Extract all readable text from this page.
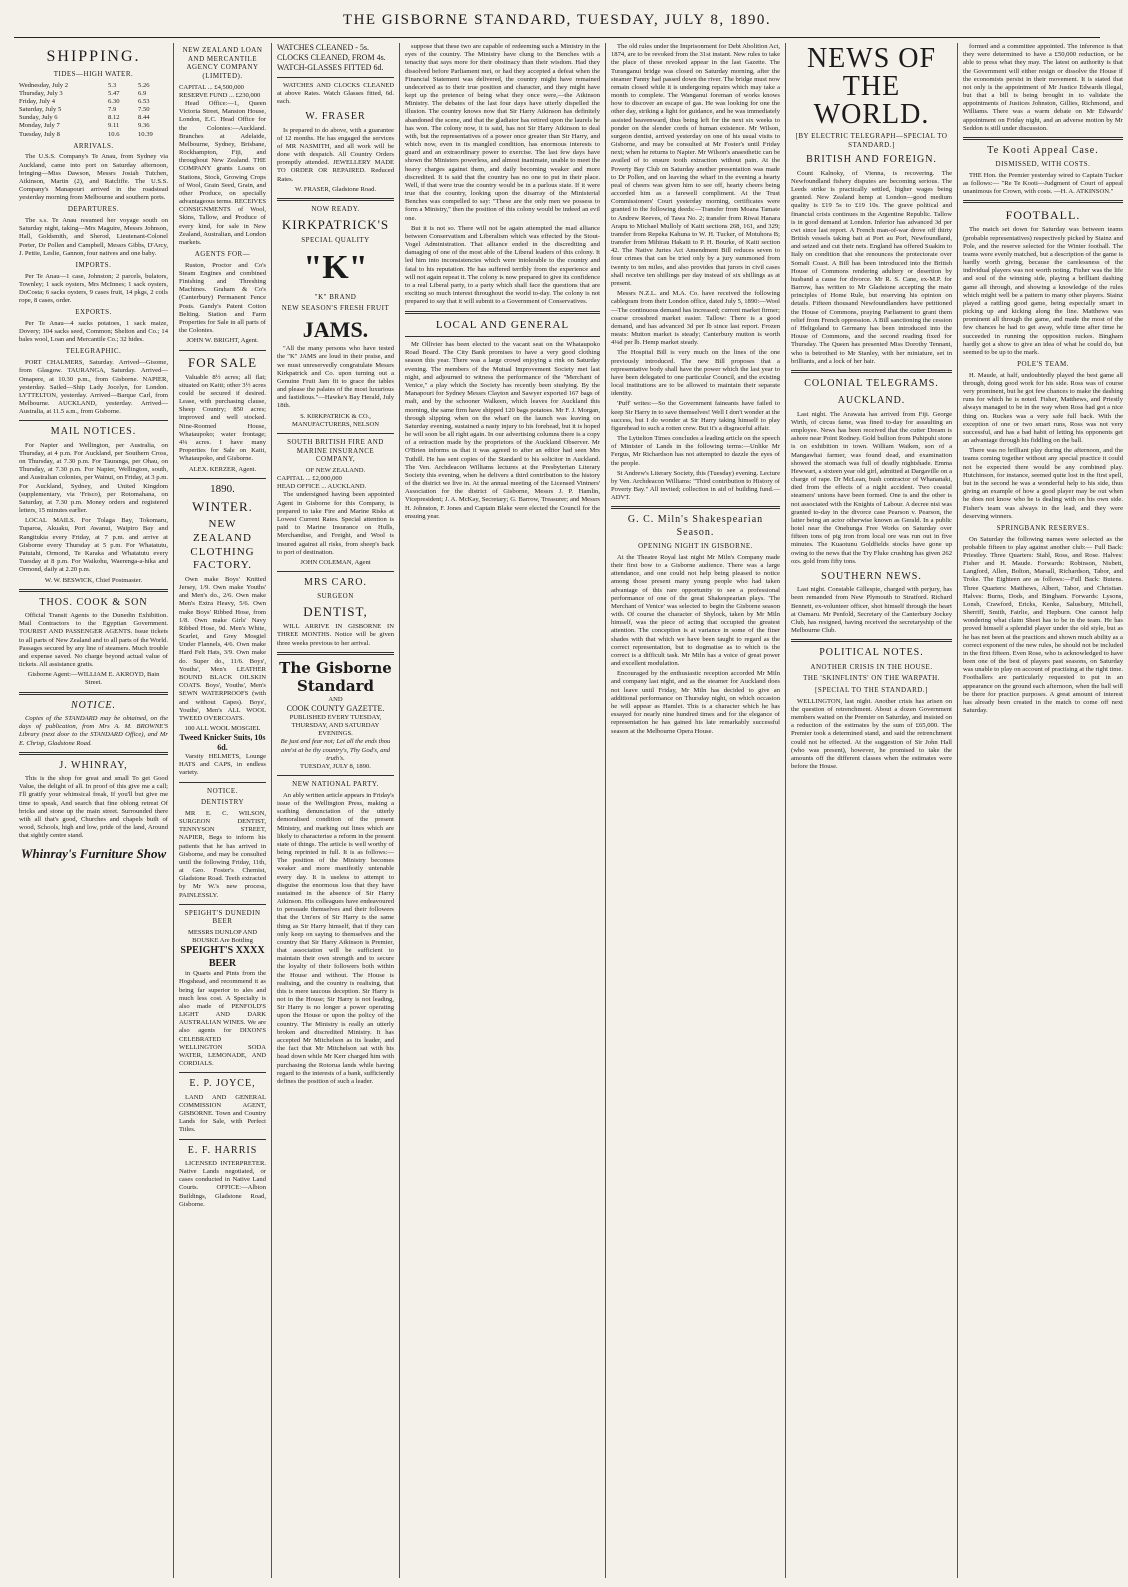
THE GISBORNE STANDARD, TUESDAY, JULY 8, 1890.
SHIPPING.
TIDES—HIGH WATER.
Wednesday, July 2	5.3	5.26
Thursday, July 3	5.47	6.9
Friday, July 4	6.30	6.53
Saturday, July 5	7.9	7.50
Sunday, July 6	8.12	8.44
Monday, July 7	9.11	9.36
Tuesday, July 8	10.6	10.39
ARRIVALS.

The U.S.S. Company's Te Anau, from Sydney via Auckland, came into port on Saturday afternoon, bringing—Miss Dawson, Messrs Josiah Tutchen, Atkinson, Martin (2), and Ratcliffe. The U.S.S. Company's Manapouri arrived in the roadstead yesterday morning from Melbourne and southern ports.

DEPARTURES.

The s.s. Te Anau resumed her voyage south on Saturday night, taking—Mrs Maguire, Messrs Johnson, Hall, Goldsmith, and Sherod, Lieutenant-Colonel Porter, Dr Pollen and Campbell, Messrs Gibbs, D'Arcy, J. Pettie, Leslie, Gannon, four natives and one baby.

IMPORTS.

Per Te Anau—1 case, Johnston; 2 parcels, bulators, Townley; 1 sack oysters, Mrs McInnes; 1 sack oysters, DoCosta; 6 sacks oysters, 9 cases fruit, 14 pkgs, 2 coils rope, 8 cases, order.

EXPORTS.

Per Te Anau—4 sacks potatoes, 1 sack maize, Dovery; 104 sacks seed, Common; Shelton and Co.; 14 bales wool, Loan and Mercantile Co.; 32 hides.

TELEGRAPHIC.

PORT CHALMERS, Saturday. Arrived—Gisome, from Glasgow. TAURANGA, Saturday. Arrived—Omapere, at 10.30 p.m., from Gisborne. NAPIER, yesterday. Sailed—Ship Lady Jocelyn, for London. LYTTELTON, yesterday. Arrived—Barque Carl, from Melbourne. AUCKLAND, yesterday. Arrived—Australia, at 11.5 a.m., from Gisborne.

MAIL NOTICES.

For Napier and Wellington, per Australia, on Thursday, at 4 p.m. For Auckland, per Southern Cross, on Thursday, at 7.30 p.m. For Tauranga, per Ohau, on Thursday, at 7.30 p.m. For Napier, Wellington, south, and Australian colonies, per Wainui, on Friday, at 3 p.m. For Auckland, Sydney, and United Kingdom (supplementary, via 'Frisco), per Rotomahana, on Saturday, at 7.30 p.m. Money orders and registered letters, 15 minutes earlier.

LOCAL MAILS. For Tolaga Bay, Tokomaru, Tuparoa, Akuaku, Port Awanui, Waipiro Bay and Rangitukia every Friday, at 7 p.m. and arrive at Gisborne every Thursday at 5 p.m. For Whatatutu, Patutahi, Ormond, Te Karaka and Whatatutu every Tuesday at 8 p.m. For Waikohu, Waerenga-a-hika and Ormond, daily at 2.20 p.m.

W. W. BESWICK, Chief Postmaster.
THOS. COOK & SON

Official Transit Agents to the Dunedin Exhibition. Mail Contractors to the Egyptian Government. TOURIST AND PASSENGER AGENTS. Issue tickets to all parts of New Zealand and to all parts of the World. Passages secured by any line of steamers. Much trouble and expense saved. No charge beyond actual value of tickets. All assistance gratis.

Gisborne Agent:—WILLIAM E. AKROYD, Bain Street.
NOTICE.

Copies of the STANDARD may be obtained, on the days of publication, from Mrs A. M. BROWNE'S Library (next door to the STANDARD Office), and Mr E. Chrisp, Gladstone Road.

J. WHINRAY,

This is the shop for great and small To get Good Value, the delight of all. In proof of this give me a call; I'll gratify your whimsical freak, If you'll but give me time to speak, And search that fine oblong retreat Of bricks and stone up the main street. Surrounded there with all that's good, Churches and chapels built of wood, Schools, high and low, pride of the land, Around that sightly centre stand.

Whinray's Furniture Show
NEW ZEALAND LOAN AND MERCANTILE AGENCY COMPANY (LIMITED).
CAPITAL ... £4,500,000
RESERVE FUND ... £230,000

Head Office:—1, Queen Victoria Street, Mansion House, London, E.C. Head Office for the Colonies:—Auckland. Branches at Adelaide, Melbourne, Sydney, Brisbane, Rockhampton, Fiji, and throughout New Zealand. THE COMPANY grants Loans on Stations, Stock, Growing Crops of Wool, Grain Seed, Grain, and other Produce, on specially advantageous terms. RECEIVES CONSIGNMENTS of Wool, Skins, Tallow, and Produce of every kind, for sale in New Zealand, Australian, and London markets.

AGENTS FOR—

Ruston, Proctor and Co's Steam Engines and combined Finishing and Threshing Machines. Graham & Co's (Canterbury) Permanent Fence Posts. Gandy's Patent Cotton Belting. Station and Farm Properties for Sale in all parts of the Colonies.

JOHN W. BRIGHT, Agent.
FOR SALE

Valuable 8½ acres; all flat; situated on Kaiti; other 3½ acres could be secured if desired. Lease, with purchasing clause, Sheep Country; 850 acres; improved and well stocked. Nine-Roomed House, Whataupoko; water frontage; 4¼ acres. I have many Properties for Sale on Kaiti, Whataupoko, and Gisborne.

ALEX. KERZER, Agent.
1890.
WINTER.
NEW ZEALAND CLOTHING FACTORY.

Own make Boys' Knitted Jersey, 1/9. Own make Youths' and Men's do., 2/6. Own make Men's Extra Heavy, 5/6. Own make Boys' Ribbed Hose, from 1/8. Own make Girls' Navy Ribbed Hose, 9d. Men's White, Scarlet, and Grey Mosgiel Under Flannels, 4/6. Own make Hard Felt Hats, 3/9. Own make do. Super do., 11/6. Boys', Youths', Men's LEATHER BOUND BLACK OILSKIN COATS. Boys', Youths', Men's SEWN WATERPROOFS (with and without Capes). Boys', Youths', Men's ALL WOOL TWEED OVERCOATS.

100 ALL WOOL MOSGIEL
Tweed Knicker Suits, 10s 6d.

Varsity HELMETS, Lounge HATS and CAPS, in endless variety.

NOTICE.
DENTISTRY

MR E. C. WILSON, SURGEON DENTIST, TENNYSON STREET, NAPIER, Begs to inform his patients that he has arrived in Gisborne, and may be consulted until the following Friday, 11th, at Geo. Foster's Chemist, Gladstone Road. Teeth extracted by Mr W.'s new process, PAINLESSLY.

SPEIGHT'S DUNEDIN BEER
MESSRS DUNLOP AND BOUSKE Are Bottling
SPEIGHT'S XXXX BEER

in Quarts and Pints from the Hogshead, and recommend it as being far superior to ales and much less cost. A Specialty is also made of PENFOLD'S LIGHT AND DARK AUSTRALIAN WINES. We are also agents for DIXON'S CELEBRATED WELLINGTON SODA WATER, LEMONADE, AND CORDIALS.

E. P. JOYCE,

LAND AND GENERAL COMMISSION AGENT, GISBORNE. Town and Country Lands for Sale, with Perfect Titles.

E. F. HARRIS

LICENSED INTERPRETER. Native Lands negotiated, or cases conducted in Native Land Courts. OFFICE:—Albion Buildings, Gladstone Road, Gisborne.

WATCHES CLEANED - 5s.
CLOCKS CLEANED, FROM 4s.
WATCH-GLASSES FITTED 6d.

WATCHES AND CLOCKS CLEANED at above Rates. Watch Glasses fitted, 6d. each.

W. FRASER

Is prepared to do above, with a guarantee of 12 months. He has engaged the services of MR NASMITH, and all work will be done with despatch. All Country Orders promptly attended. JEWELLERY MADE TO ORDER OR REPAIRED. Reduced Rates.

W. FRASER, Gladstone Road.
NOW READY.
KIRKPATRICK'S
SPECIAL QUALITY
"K"
"K" BRAND
NEW SEASON'S FRESH FRUIT
JAMS.

"All the many persons who have tested the "K" JAMS are loud in their praise, and we must unreservedly congratulate Messrs Kirkpatrick and Co. upon turning out a Genuine Fruit Jam fit to grace the tables and please the palates of the most luxurious and fastidious."—Hawke's Bay Herald, July 18th.

S. KIRKPATRICK & CO.,
MANUFACTURERS, NELSON
SOUTH BRITISH FIRE AND MARINE INSURANCE COMPANY,
OF NEW ZEALAND.
CAPITAL ... £2,000,000
HEAD OFFICE ... AUCKLAND.

The undersigned having been appointed Agent in Gisborne for this Company, is prepared to take Fire and Marine Risks at Lowest Current Rates. Special attention is paid to Marine Insurance on Hulls, Merchandise, and Freight, and Wool is insured against all risks, from sheep's back to port of destination.

JOHN COLEMAN, Agent
MRS CARO.
SURGEON
DENTIST,

WILL ARRIVE IN GISBORNE IN THREE MONTHS. Notice will be given three weeks previous to her arrival.

The Gisborne Standard
AND
COOK COUNTY GAZETTE.
PUBLISHED EVERY TUESDAY, THURSDAY, AND SATURDAY EVENINGS.
Be just and fear not; Let all the ends thou aim'st at be thy country's, Thy God's, and truth's.
TUESDAY, JULY 8, 1890.
NEW NATIONAL PARTY.

An ably written article appears in Friday's issue of the Wellington Press, making a scathing denunciation of the utterly demoralised condition of the present Ministry, and marking out lines which are likely to characterise a reform in the present state of things. The article is well worthy of being reprinted in full. It is as follows:—The position of the Ministry becomes weaker and more manifestly untenable every day. It is useless to attempt to disguise the enormous loss that they have sustained in the absence of Sir Harry Atkinson. His colleagues have endeavoured to persuade themselves and their followers that the Um'ers of Sir Harry is the same thing as Sir Harry himself, that if they can only keep on saying to themselves and the country that Sir Harry Atkinson is Premier, that association will be sufficient to maintain their own strength and to secure the loyalty of their followers both within the House and without. The House is realising, and the country is realising, that this is mere taucous deception. Sir Harry is not in the House; Sir Harry is not leading, Sir Harry is no longer a power operating upon the House or upon the policy of the country. The Ministry is really an utterly broken and discredited Ministry. It has accepted Mr Mitchelson as its leader, and the fact that Mr Mitchelson sat with his head down while Mr Kerr charged him with purchasing the Rotorua lands while having regard to the interests of a bank, sufficiently defines the position of such a leader.

suppose that these two are capable of redeeming such a Ministry in the eyes of the country. The Ministry have clung to the Benches with a tenacity that says more for their obstinacy than their wisdom. Had they dissolved before Parliament met, or had they accepted a defeat when the Financial Statement was delivered, the country might have remained undeceived as to their true position and character, and they might have kept up the pretence of being what they once were,—the Atkinson Ministry. The debates of the last four days have utterly dispelled the illusion. The country knows now that Sir Harry Atkinson has definitely abandoned the scene, and that the gladiator has retired upon the laurels he has won. The colony now, it is said, has not Sir Harry Atkinson to deal with, but the representatives of a power once greater than Sir Harry, and which now, even in its mangled condition, has enormous interests to guard and an extraordinary power to exercise. The last few days have shown the Ministers powerless, and almost inanimate, unable to meet the heavy charges against them, and daily becoming weaker and more discredited. It is said that the country has no one to put in their place. Well, if that were true the country would be in a parlous state. If it were true that the country, looking upon the disarray of the Ministerial Benches was compelled to say: "These are the only men we possess to form a Ministry," then the position of this colony would be indeed an evil one.

But it is not so. There will not be again attempted the mad alliance between Conservatism and Liberalism which was effected by the Stout-Vogel Administration. That alliance ended in the discrediting and damaging of one of the most able of the Liberal leaders of this colony. It led him into inconsistencies which were intolerable to the country and fatal to his reputation. He has suffered terribly from the experience and will not again repeat it. The colony is now prepared to give its confidence to a real Liberal party, to a party which shall face the questions that are exciting so much interest throughout the world to-day. The colony is not prepared to say that it will submit to a Government of Conservatives.

LOCAL AND GENERAL

Mr Ollivier has been elected to the vacant seat on the Whataupoko Road Board. The City Bank promises to have a very good clothing season this year. There was a large crowd enjoying a rink on Saturday evening. The members of the Mutual Improvement Society met last night, and adjourned to witness the performance of the "Merchant of Venice," a play which the Society has recently been studying. By the Manapouri for Sydney Messrs Clayton and Sawyer exported 167 bags of malt, and by the schooner Walkeen, which leaves for Auckland this morning, the same firm have shipped 120 bags potatoes. Mr F. J. Morgan, through slipping when on the wharf on the launch was leaving on Saturday evening, sustained a nasty injury to his forehead, but it is hoped he will soon be all right again. In our advertising columns there is a copy of a retraction made by the proprietors of the Auckland Observer. Mr O'Brien informs us that it was agreed to after an editor had seen Mrs Tuthill. He has sent copies of the Standard to his solicitor in Auckland. The Ven. Archdeacon Williams lectures at the Presbyterian Literary Society this evening, when he delivers a third contribution to the history of the district we live in. At the annual meeting of the Licensed Vintners' Association for the district of Gisborne, Messrs J. P. Hamlin, Vicepresident; J. A. McKay, Secretary; G. Barrow, Treasurer; and Messrs H. Johnston, F. Jones and Captain Blake were elected the Council for the ensuing year.

The old rules under the Imprisonment for Debt Abolition Act, 1874, are to be revoked from the 31st instant. New rules to take the place of these revoked appear in the last Gazette. The Turanganui bridge was closed on Saturday morning, after the steamer Fanny had passed down the river. The bridge must now remain closed while it is undergoing repairs which may take a month to complete. The Wanganui foreman of works knows how to discover an escape of gas. He was looking for one the other day, striking a light for guidance, and he was immediately assisted heavenward, thus being left for the next six weeks to ponder on the slender cords of human existence. Mr Wilson, surgeon dentist, arrived yesterday on one of his usual visits to Gisborne, and may be consulted at Mr Foster's until Friday next; when he returns to Napier. Mr Wilson's anaesthetic can be availed of to ensure tooth extraction without pain. At the Poverty Bay Club on Saturday another presentation was made to Dr Pollen, and on leaving the wharf in the evening a hearty peal of cheers was given him to see off, hearty cheers being accorded him as a farewell compliment. At the Trust Commissioners' Court yesterday morning, certificates were granted to the following deeds:—Transfer from Moana Tamate to Andrew Reeves, of Tawa No. 2; transfer from Riwai Hanara Arapu to Michael Mulloly of Kaiti sections 268, 161, and 329; transfer from Repeka Kahuna to W. H. Tucker, of Motuhora B; transfer from Mihirau Hakaiti to P. H. Bourke, of Kaiti section 42. The Native Juries Act Amendment Bill reduces seven to four crimes that can be tried only by a jury summoned from twenty to ten miles, and also provides that jurors in civil cases shall receive ten shillings per day instead of six shillings as at present.

Messrs N.Z.L. and M.A. Co. have received the following cablegram from their London office, dated July 5, 1890:—Wool—The continuous demand has increased; current market firmer; coarse crossbred market easier. Tallow: There is a good demand, and has advanced 3d per lb since last report. Frozen meats: Mutton market is steady; Canterbury mutton is worth 4¼d per lb. Hemp market steady.

The Hospital Bill is very much on the lines of the one previously introduced. The new Bill proposes that a representative body shall have the power which the last year to have been delegated to one particular Council, and the existing local institutions are to be allowed to maintain their separate identity.

'Puff' writes:—So the Government faineants have failed to keep Sir Harry in to save themselves! Well I don't wonder at the success, but I do wonder at Sir Harry taking himself to play figurehead to such a rotten crew. But it's a disgraceful affair.

The Lyttelton Times concludes a leading article on the speech of Minister of Lands in the following terms:—Unlike Mr Fergus, Mr Richardson has not attempted to dazzle the eyes of the people.

St Andrew's Literary Society, this (Tuesday) evening. Lecture by Ven. Archdeacon Williams: "Third contribution to History of Poverty Bay." All invited; collection in aid of building fund.—ADVT.

G. C. Miln's Shakespearian Season.
OPENING NIGHT IN GISBORNE.

At the Theatre Royal last night Mr Miln's Company made their first bow to a Gisborne audience. There was a large attendance, and one could not help being pleased to notice among those present many young people who had taken advantage of this rare opportunity to see a professional performance of one of the great Shakespearian plays. 'The Merchant of Venice' was selected to begin the Gisborne season with. Of course the character of Shylock, taken by Mr Miln himself, was the piece of acting that occupied the greatest attention. The conception is at variance in some of the finer shades with that which we have been taught to regard as the correct representation, but to dogmatise as to which is the correct is a difficult task. Mr Miln has a voice of great power and excellent modulation.

Encouraged by the enthusiastic reception accorded Mr Miln and company last night, and as the steamer for Auckland does not leave until Friday, Mr Miln has decided to give an additional performance on Thursday night, on which occasion he will appear as Hamlet. This is a character which he has essayed for nearly nine hundred times and for the elegance of representation he has gained his late remarkably successful season at the Melbourne Opera House.

NEWS OF THE WORLD.
[BY ELECTRIC TELEGRAPH—SPECIAL TO STANDARD.]
BRITISH AND FOREIGN.

Count Kalnoky, of Vienna, is recovering. The Newfoundland fishery disputes are becoming serious. The Leeds strike is practically settled, higher wages being granted. New Zealand hemp at London—good medium quality is £19 5s to £19 10s. The grave political and financial crisis continues in the Argentine Republic. Tallow is in good demand at London. Inferior has advanced 3d per cwt since last report. A French man-of-war drove off thirty British vessels taking bait at Port au Port, Newfoundland, and seized and cut their nets. England has offered Suakim to Italy on condition that she renounces the protectorate over Somali Coast. A Bill has been introduced into the British House of Commons rendering adultery or desertion by husband a cause for divorce. Mr R. S. Cane, ex-M.P. for Barrow, has written to Mr Gladstone accepting the main principles of Home Rule, but reserving his opinion on details. Fifteen thousand Newfoundlanders have petitioned the House of Commons, praying Parliament to grant them relief from French oppression. A Bill sanctioning the cession of Heligoland to Germany has been introduced into the House of Commons, and the second reading fixed for Thursday. The Queen has presented Miss Dorothy Tennant, who is betrothed to Mr Stanley, with her miniature, set in brilliants, and a lock of her hair.

COLONIAL TELEGRAMS.
AUCKLAND.

Last night. The Arawata has arrived from Fiji. George Wirth, of circus fame, was fined to-day for assaulting an employee. News has been received that the cutter Dream is ashore near Point Rodney. Gold bullion from Puhipuhi stone is on exhibition in town. William Waiken, son of a Mangawhai farmer, was found dead, and examination showed the stomach was full of deadly nightshade. Emma Hewwart, a sixteen year old girl, admitted at Dargaville on a charge of rape. Dr McLean, bush contractor of Whananaki, died from the effects of a night accident. Two coastal steamers' unions have been formed. One is and the other is not associated with the Knights of Labour. A decree nisi was granted to-day in the divorce case Pearson v. Pearson, the latter being an actor otherwise known as Gerald. In a public hotel near the Onehunga Free Works on Saturday over fifteen tons of pig iron from local ore was run out in five minutes. The Kuaotunu Goldfields stocks have gone up owing to the news that the Try Fluke crushing has given 262 ozs. gold from fifty tons.

SOUTHERN NEWS.

Last night. Constable Gillespie, charged with perjury, has been remanded from New Plymouth to Stratford. Richard Bennett, ex-volunteer officer, shot himself through the heart at Oamaru. Mr Penfold, Secretary of the Canterbury Jockey Club, has resigned, having received the secretaryship of the Melbourne Club.

POLITICAL NOTES.
ANOTHER CRISIS IN THE HOUSE.
THE 'SKINFLINTS' ON THE WARPATH.
[SPECIAL TO THE STANDARD.]

WELLINGTON, last night. Another crisis has arisen on the question of retrenchment. About a dozen Government members waited on the Premier on Saturday, and insisted on a reduction of the estimates by the sum of £65,000. The Premier took a determined stand, and said the retrenchment could not be effected. At the suggestion of Sir John Hall (who was present), however, he promised to take the amounts off the different classes when the estimates were before the House.

formed and a committee appointed. The inference is that they were determined to have a £50,000 reduction, or be able to press what they may. The latest on authority is that the Government will either resign or dissolve the House if the economists persist in their movement. It is stated that not only is the appointment of Mr Justice Edwards illegal, but that a bill is being brought in to validate the appointments of Justices Johnston, Gillies, Richmond, and Williams. There was a warm debate on Mr Edwards' appointment on Friday night, and an adverse motion by Mr Seddon is still under discussion.

Te Kooti Appeal Case.
DISMISSED, WITH COSTS.

THE Hon. the Premier yesterday wired to Captain Tucker as follows:— "Re Te Kooti—Judgment of Court of appeal unanimous for Crown, with costs. —H. A. ATKINSON."

FOOTBALL.

The match set down for Saturday was between teams (probable representatives) respectively picked by Stainz and Pole, and the reserve selected for the Winter football. The teams were evenly matched, but a description of the game is hardly worth giving, because the carelessness of the individual players was not worth noting. Fisher was the life and soul of the winning side, playing a brilliant dashing game all through, and showing a knowledge of the rules which might well be a pattern to many other players. Stainz played a rattling good game, being especially smart in picking up and kicking along the line. Matthews was prominent all through the game, and made the most of the few chances he had to get away, while time after time he succeeded in running the opposition ruckes. Bingham hardly got a show to give an idea of what he could do, but seemed to be up to the mark.

POLE'S TEAM.

H. Maude, at half, undoubtedly played the best game all through, doing good work for his side. Ross was of course very prominent, but he got few chances to make the dashing runs for which he is noted. Fisher, Matthews, and Priestly always managed to be in the way when Ross had got a nice thing on. Ruckes was a very safe full back. With the exception of one or two smart runs, Ross was not very successful, and has a bad habit of letting his opponents get an advantage through his fiddling on the ball.

There was no brilliant play during the afternoon, and the teams coming together without any special practice it could not be expected there would be any combined play. Hutchinson, for instance, seemed quite lost in the first spell, but in the second he was a wonderful help to his side, thus giving an example of how a good player may be out when he does not know who he is dealing with on his own side. Fisher's team was always in the lead, and they were deserving winners.

SPRINGBANK RESERVES.

On Saturday the following names were selected as the probable fifteen to play against another club:— Full Back: Priestley. Three Quarters: Stahl, Ross, and Rose. Halves: Fisher and H. Maude. Forwards: Robinson, Nisbett, Langford, Allen, Bolton, Marsall, Richardson, Tabor, and Troke. The Eighteen are as follows:—Full Back: Butens. Three Quarters: Matthews, Albert, Tabor, and Christian. Halves: Burns, Dods, and Bingham. Forwards: Lysons, Lonsh, Crawford, Ericks, Kenke, Salusbury, Mitchell, Sherriff, Smith, Fairlie, and Hepburn. One cannot help wondering what claim Sheet has to be in the team. He has proved himself a splendid player under the old style, but as he has not been at the practices and shown much ability as a correct exponent of the new rules, he should not be included in the first fifteen. Even Rose, who is acknowledged to have been one of the best of players past seasons, on Saturday was unable to play on account of practising at the right time. Footballers are particularly requested to put in an appearance on the ground each afternoon, when the ball will be there for practice purposes. A great amount of interest has already been created in the match to come off next Saturday.
